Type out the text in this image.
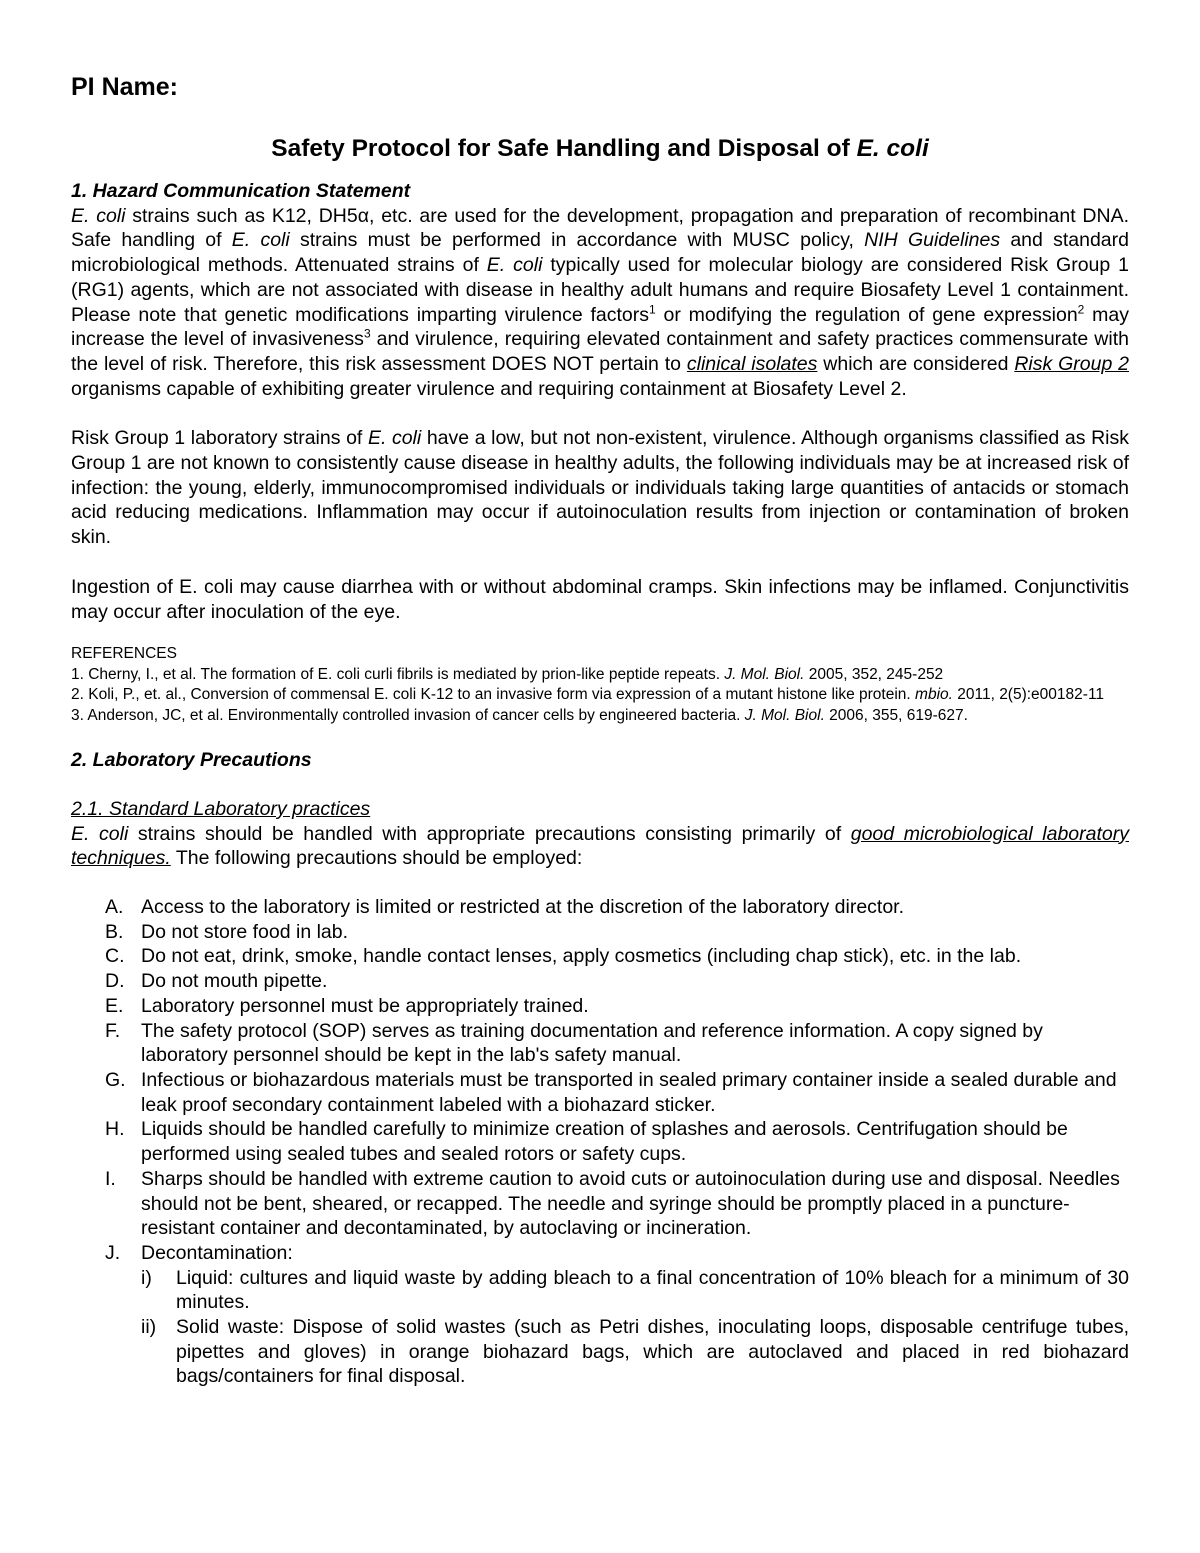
PI Name:
Safety Protocol for Safe Handling and Disposal of E. coli
1. Hazard Communication Statement

E. coli strains such as K12, DH5α, etc. are used for the development, propagation and preparation of recombinant DNA. Safe handling of E. coli strains must be performed in accordance with MUSC policy, NIH Guidelines and standard microbiological methods. Attenuated strains of E. coli typically used for molecular biology are considered Risk Group 1 (RG1) agents, which are not associated with disease in healthy adult humans and require Biosafety Level 1 containment. Please note that genetic modifications imparting virulence factors$^1$ or modifying the regulation of gene expression$^2$ may increase the level of invasiveness$^3$ and virulence, requiring elevated containment and safety practices commensurate with the level of risk. Therefore, this risk assessment DOES NOT pertain to clinical isolates which are considered Risk Group 2 organisms capable of exhibiting greater virulence and requiring containment at Biosafety Level 2.

Risk Group 1 laboratory strains of E. coli have a low, but not non-existent, virulence. Although organisms classified as Risk Group 1 are not known to consistently cause disease in healthy adults, the following individuals may be at increased risk of infection: the young, elderly, immunocompromised individuals or individuals taking large quantities of antacids or stomach acid reducing medications. Inflammation may occur if autoinoculation results from injection or contamination of broken skin.

Ingestion of E. coli may cause diarrhea with or without abdominal cramps. Skin infections may be inflamed. Conjunctivitis may occur after inoculation of the eye.

REFERENCES
1. Cherny, I., et al. The formation of E. coli curli fibrils is mediated by prion-like peptide repeats. J. Mol. Biol. 2005, 352, 245-252
2. Koli, P., et. al., Conversion of commensal E. coli K-12 to an invasive form via expression of a mutant histone like protein. mbio. 2011, 2(5):e00182-11
3. Anderson, JC, et al. Environmentally controlled invasion of cancer cells by engineered bacteria. J. Mol. Biol. 2006, 355, 619-627.
2. Laboratory Precautions
2.1. Standard Laboratory practices

E. coli strains should be handled with appropriate precautions consisting primarily of good microbiological laboratory techniques. The following precautions should be employed:

A. Access to the laboratory is limited or restricted at the discretion of the laboratory director.
B. Do not store food in lab.
C. Do not eat, drink, smoke, handle contact lenses, apply cosmetics (including chap stick), etc. in the lab.
D. Do not mouth pipette.
E. Laboratory personnel must be appropriately trained.
F. The safety protocol (SOP) serves as training documentation and reference information. A copy signed by laboratory personnel should be kept in the lab's safety manual.
G. Infectious or biohazardous materials must be transported in sealed primary container inside a sealed durable and leak proof secondary containment labeled with a biohazard sticker.
H. Liquids should be handled carefully to minimize creation of splashes and aerosols. Centrifugation should be performed using sealed tubes and sealed rotors or safety cups.
I. Sharps should be handled with extreme caution to avoid cuts or autoinoculation during use and disposal. Needles should not be bent, sheared, or recapped. The needle and syringe should be promptly placed in a puncture-resistant container and decontaminated, by autoclaving or incineration.
J. Decontamination:
i) Liquid: cultures and liquid waste by adding bleach to a final concentration of 10% bleach for a minimum of 30 minutes.
ii) Solid waste: Dispose of solid wastes (such as Petri dishes, inoculating loops, disposable centrifuge tubes, pipettes and gloves) in orange biohazard bags, which are autoclaved and placed in red biohazard bags/containers for final disposal.
